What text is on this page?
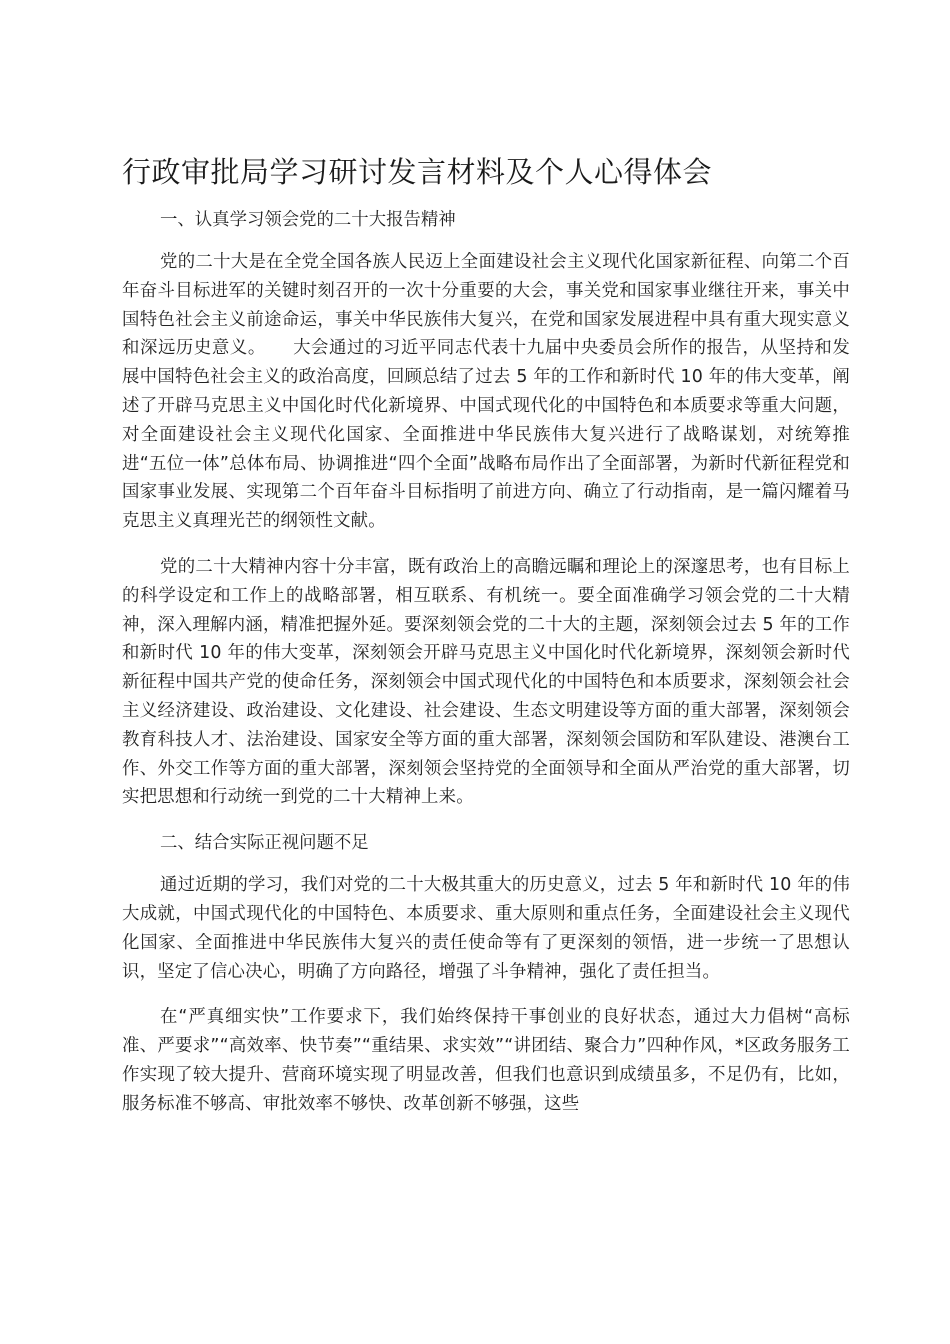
行政审批局学习研讨发言材料及个人心得体会
一、认真学习领会党的二十大报告精神

党的二十大是在全党全国各族人民迈上全面建设社会主义现代化国家新征程、向第二个百年奋斗目标进军的关键时刻召开的一次十分重要的大会，事关党和国家事业继往开来，事关中国特色社会主义前途命运，事关中华民族伟大复兴，在党和国家发展进程中具有重大现实意义和深远历史意义。　　大会通过的习近平同志代表十九届中央委员会所作的报告，从坚持和发展中国特色社会主义的政治高度，回顾总结了过去 5 年的工作和新时代 10 年的伟大变革，阐述了开辟马克思主义中国化时代化新境界、中国式现代化的中国特色和本质要求等重大问题，对全面建设社会主义现代化国家、全面推进中华民族伟大复兴进行了战略谋划，对统筹推进“五位一体”总体布局、协调推进“四个全面”战略布局作出了全面部署，为新时代新征程党和国家事业发展、实现第二个百年奋斗目标指明了前进方向、确立了行动指南，是一篇闪耀着马克思主义真理光芒的纲领性文献。

党的二十大精神内容十分丰富，既有政治上的高瞻远瞩和理论上的深邃思考，也有目标上的科学设定和工作上的战略部署，相互联系、有机统一。要全面准确学习领会党的二十大精神，深入理解内涵，精准把握外延。要深刻领会党的二十大的主题，深刻领会过去 5 年的工作和新时代 10 年的伟大变革，深刻领会开辟马克思主义中国化时代化新境界，深刻领会新时代新征程中国共产党的使命任务，深刻领会中国式现代化的中国特色和本质要求，深刻领会社会主义经济建设、政治建设、文化建设、社会建设、生态文明建设等方面的重大部署，深刻领会教育科技人才、法治建设、国家安全等方面的重大部署，深刻领会国防和军队建设、港澳台工作、外交工作等方面的重大部署，深刻领会坚持党的全面领导和全面从严治党的重大部署，切实把思想和行动统一到党的二十大精神上来。

二、结合实际正视问题不足

通过近期的学习，我们对党的二十大极其重大的历史意义，过去 5 年和新时代 10 年的伟大成就，中国式现代化的中国特色、本质要求、重大原则和重点任务，全面建设社会主义现代化国家、全面推进中华民族伟大复兴的责任使命等有了更深刻的领悟，进一步统一了思想认识，坚定了信心决心，明确了方向路径，增强了斗争精神，强化了责任担当。

在“严真细实快”工作要求下，我们始终保持干事创业的良好状态，通过大力倡树“高标准、严要求”“高效率、快节奏”“重结果、求实效”“讲团结、聚合力”四种作风，*区政务服务工作实现了较大提升、营商环境实现了明显改善，但我们也意识到成绩虽多，不足仍有，比如，服务标准不够高、审批效率不够快、改革创新不够强，这些
